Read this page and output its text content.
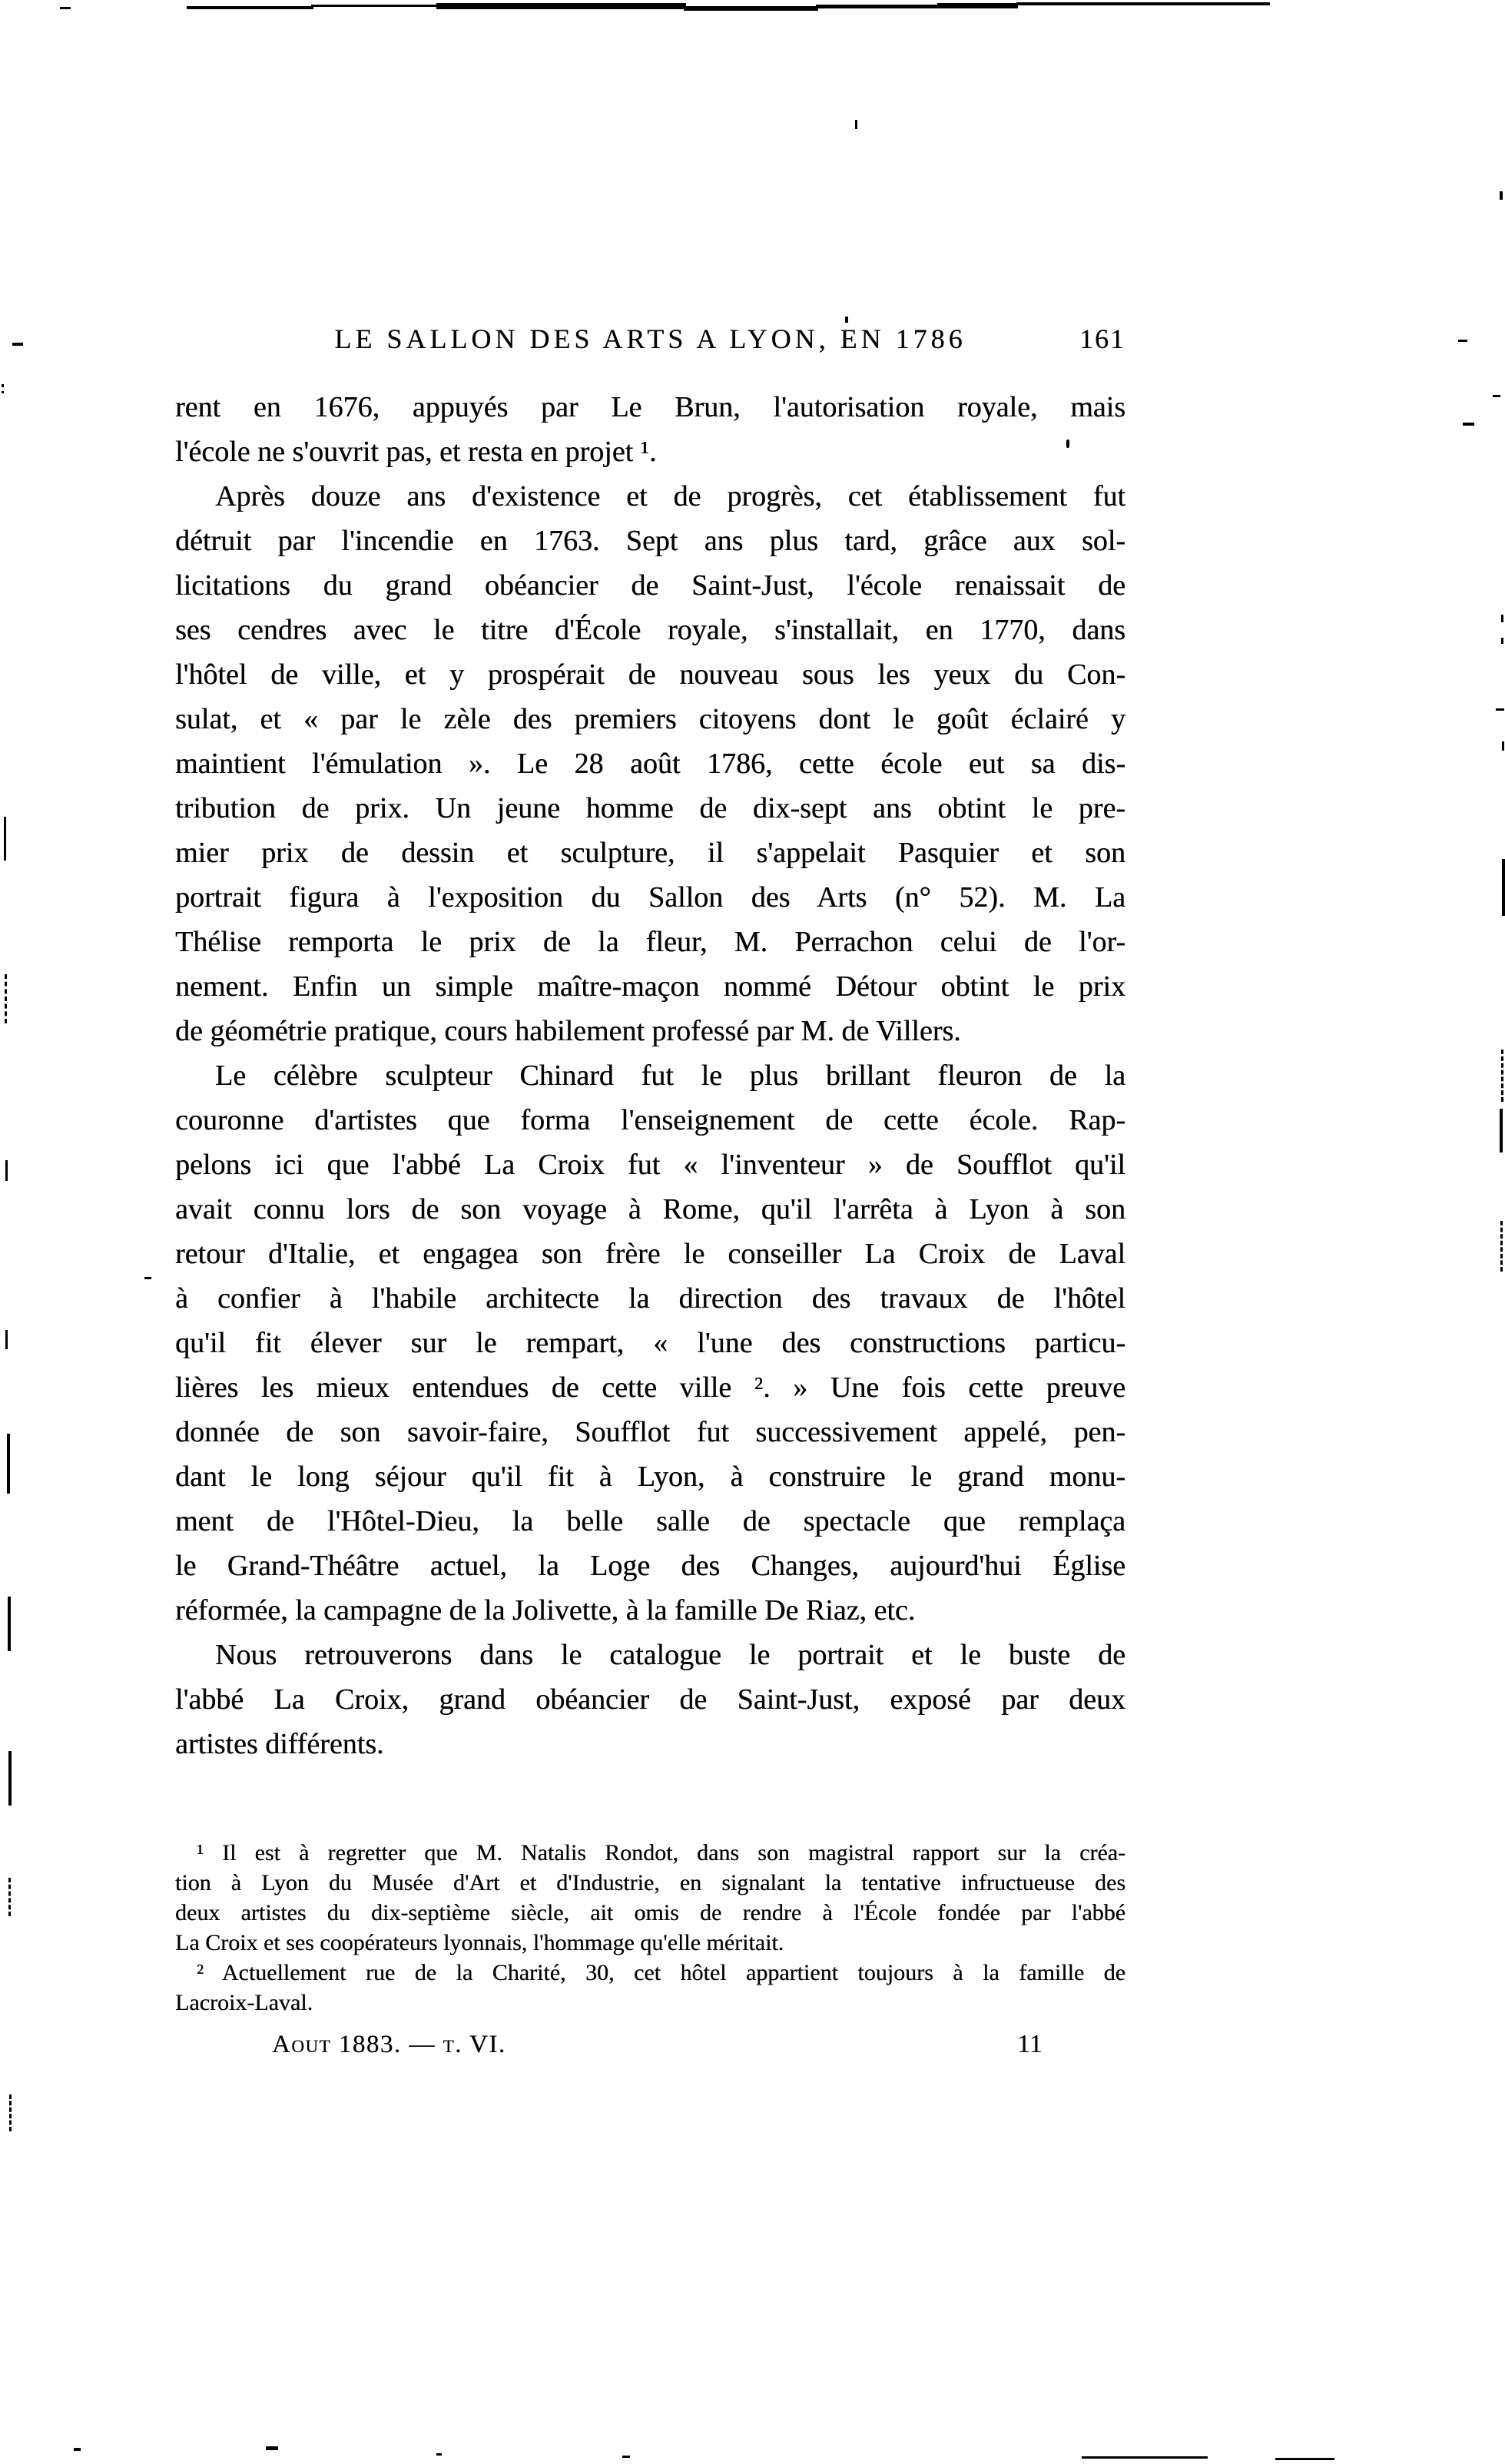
LE SALLON DES ARTS A LYON, EN 1786	161
rent en 1676, appuyés par Le Brun, l'autorisation royale, mais
l'école ne s'ouvrit pas, et resta en projet ¹.
Après douze ans d'existence et de progrès, cet établissement fut
détruit par l'incendie en 1763. Sept ans plus tard, grâce aux sol-
licitations du grand obéancier de Saint-Just, l'école renaissait de
ses cendres avec le titre d'École royale, s'installait, en 1770, dans
l'hôtel de ville, et y prospérait de nouveau sous les yeux du Con-
sulat, et « par le zèle des premiers citoyens dont le goût éclairé y
maintient l'émulation ». Le 28 août 1786, cette école eut sa dis-
tribution de prix. Un jeune homme de dix-sept ans obtint le pre-
mier prix de dessin et sculpture, il s'appelait Pasquier et son
portrait figura à l'exposition du Sallon des Arts (n° 52). M. La
Thélise remporta le prix de la fleur, M. Perrachon celui de l'or-
nement. Enfin un simple maître-maçon nommé Détour obtint le prix
de géométrie pratique, cours habilement professé par M. de Villers.
Le célèbre sculpteur Chinard fut le plus brillant fleuron de la
couronne d'artistes que forma l'enseignement de cette école. Rap-
pelons ici que l'abbé La Croix fut « l'inventeur » de Soufflot qu'il
avait connu lors de son voyage à Rome, qu'il l'arrêta à Lyon à son
retour d'Italie, et engagea son frère le conseiller La Croix de Laval
à confier à l'habile architecte la direction des travaux de l'hôtel
qu'il fit élever sur le rempart, « l'une des constructions particu-
lières les mieux entendues de cette ville ². » Une fois cette preuve
donnée de son savoir-faire, Soufflot fut successivement appelé, pen-
dant le long séjour qu'il fit à Lyon, à construire le grand monu-
ment de l'Hôtel-Dieu, la belle salle de spectacle que remplaça
le Grand-Théâtre actuel, la Loge des Changes, aujourd'hui Église
réformée, la campagne de la Jolivette, à la famille De Riaz, etc.
Nous retrouverons dans le catalogue le portrait et le buste de
l'abbé La Croix, grand obéancier de Saint-Just, exposé par deux
artistes différents.
¹ Il est à regretter que M. Natalis Rondot, dans son magistral rapport sur la créa-
tion à Lyon du Musée d'Art et d'Industrie, en signalant la tentative infructueuse des
deux artistes du dix-septième siècle, ait omis de rendre à l'École fondée par l'abbé
La Croix et ses coopérateurs lyonnais, l'hommage qu'elle méritait.
² Actuellement rue de la Charité, 30, cet hôtel appartient toujours à la famille de
Lacroix-Laval.
Aout 1883. — t. VI.	11
